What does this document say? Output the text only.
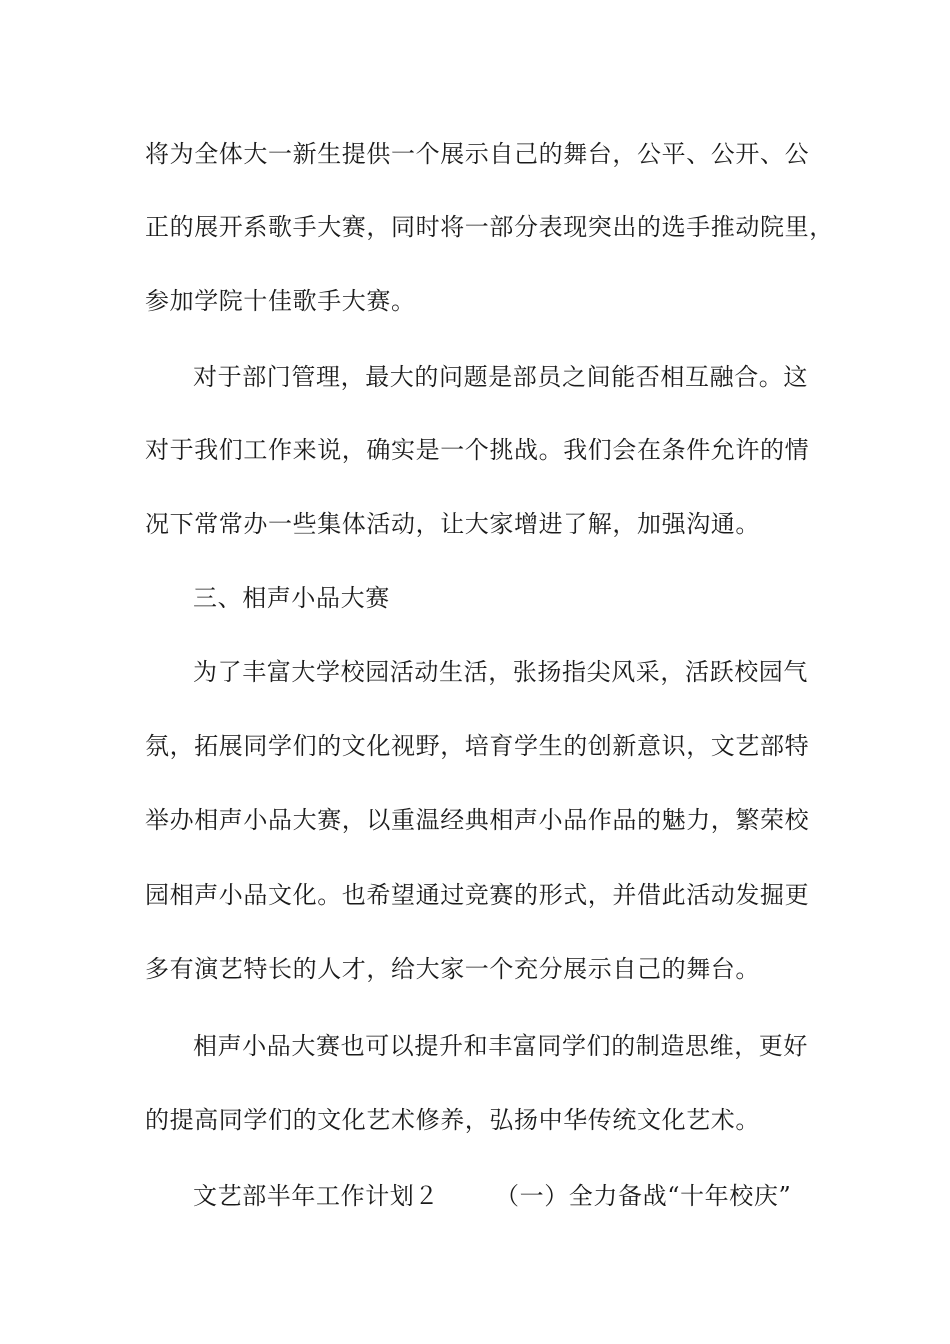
将为全体大一新生提供一个展示自己的舞台，公平、公开、公
正的展开系歌手大赛，同时将一部分表现突出的选手推动院里，
参加学院十佳歌手大赛。
对于部门管理，最大的问题是部员之间能否相互融合。这
对于我们工作来说，确实是一个挑战。我们会在条件允许的情
况下常常办一些集体活动，让大家增进了解，加强沟通。
三、相声小品大赛
为了丰富大学校园活动生活，张扬指尖风采，活跃校园气
氛，拓展同学们的文化视野，培育学生的创新意识，文艺部特
举办相声小品大赛，以重温经典相声小品作品的魅力，繁荣校
园相声小品文化。也希望通过竞赛的形式，并借此活动发掘更
多有演艺特长的人才，给大家一个充分展示自己的舞台。
相声小品大赛也可以提升和丰富同学们的制造思维，更好
的提高同学们的文化艺术修养，弘扬中华传统文化艺术。
文艺部半年工作计划２ （一）全力备战“十年校庆”
